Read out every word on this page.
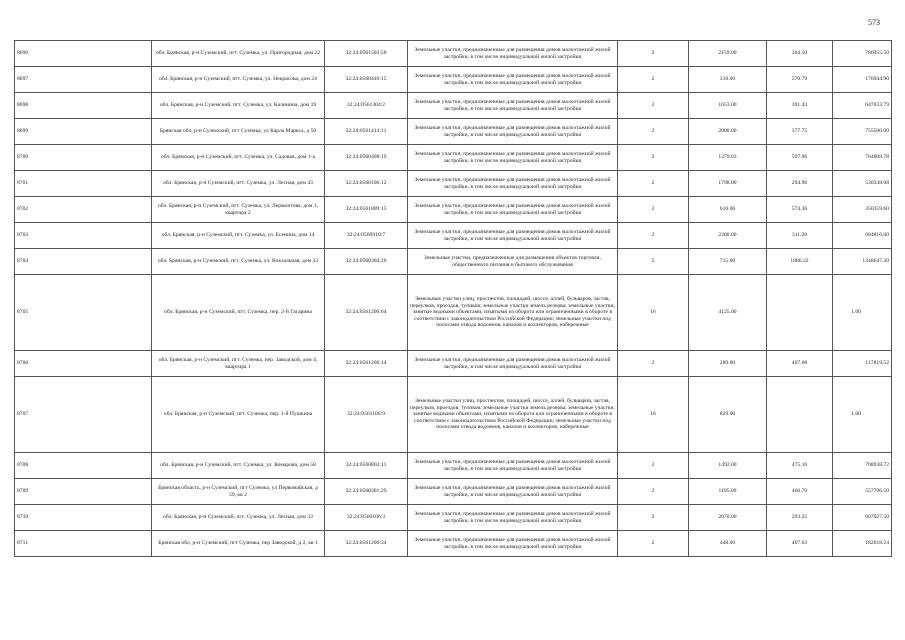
573
8696	обл. Брянская, р-н Суземский, пгт. Суземка, ул. Пригородная, дом 22	32:24:0561503:58	Земельные участки, предназначенные для размещения домов малоэтажной жилой застройки, в том числе индивидуальной жилой застройки	2	2159.00	364.50	786955.50
8697	обл. Брянская, р-н Суземский, пгт. Суземка, ул. Некрасова, дом 24	32:24:0560410:15	Земельные участки, предназначенные для размещения домов малоэтажной жилой застройки, в том числе индивидуальной жилой застройки	2	310.00	570.79	176944.90
8698	обл. Брянская, р-н Суземский, пгт. Суземка, ул. Калинина, дом 19	32:24:0561304:2	Земельные участки, предназначенные для размещения домов малоэтажной жилой застройки, в том числе индивидуальной жилой застройки	2	1653.00	391.43	647033.79
8699	Брянская обл, р-н Суземский, пгт Суземка, ул Карла Маркса, д 50	32:24:0561414:11	Земельные участки, предназначенные для размещения домов малоэтажной жилой застройки, в том числе индивидуальной жилой застройки	2	2000.00	377.75	755500.00
8700	обл. Брянская, р-н Суземский, пгт. Суземка, ул. Садовая, дом 1-а	32:24:0560408:19	Земельные участки, предназначенные для размещения домов малоэтажной жилой застройки, в том числе индивидуальной жилой застройки	2	1279.03	597.96	764808.78
8701	обл. Брянская, р-н Суземский, пгт. Суземка, ул. Лесная, дом 43	32:24:0560106:12	Земельные участки, предназначенные для размещения домов малоэтажной жилой застройки, в том числе индивидуальной жилой застройки	2	1798.00	294.96	530338.08
8702	обл. Брянская, р-н Суземский, пгт. Суземка, ул. Лермонтова, дом 1, квартира 2	32:24:0561809:15	Земельные участки, предназначенные для размещения домов малоэтажной жилой застройки, в том числе индивидуальной жилой застройки	2	610.00	574.36	350359.60
8703	обл. Брянская, р-н Суземский, пгт. Суземка, ул. Есенина, дом 14	32:24:0560910:7	Земельные участки, предназначенные для размещения домов малоэтажной жилой застройки, в том числе индивидуальной жилой застройки	2	2200.00	311.28	684816.00
8704	обл. Брянская, р-н Суземский, пгт. Суземка, ул. Вокзальная, дом 33	32:24:0560304:26	Земельные участки, предназначенные для размещения объектов торговли, общественного питания и бытового обслуживания	5	715.00	1886.22	1348647.30
8705	обл. Брянская, р-н Суземский, пгт. Суземка, пер. 2-й Гагарина	32:24:0561206:64	Земельные участки улиц, проспектов, площадей, шоссе, аллей, бульваров, застав, переулков, проездов, тупиков; земельные участки земель резерва; земельные участки, занятые водными объектами, изъятыми из оборота или ограниченными в обороте в соответствии с законодательством Российской Федерации; земельные участки под полосами отвода водоемов, каналов и коллекторов, набережные	16	4125.00		1.00
8706	обл. Брянская, р-н Суземский, пгт. Суземка, пер. Заводской, дом 4, квартира 1	32:24:0561206:14	Земельные участки, предназначенные для размещения домов малоэтажной жилой застройки, в том числе индивидуальной жилой застройки	2	289.00	407.68	117819.52
8707	обл. Брянская, р-н Суземский, пгт. Суземка, пер. 1-й Пушкина	32:24:0561108:9	Земельные участки улиц, проспектов, площадей, шоссе, аллей, бульваров, застав, переулков, проездов, тупиков; земельные участки земель резерва; земельные участки, занятые водными объектами, изъятыми из оборота или ограниченными в обороте в соответствии с законодательством Российской Федерации; земельные участки под полосами отвода водоемов, каналов и коллекторов, набережные	16	829.00		1.00
8708	обл. Брянская, р-н Суземский, пгт. Суземка, ул. Комарова, дом 58	32:24:0560802:11	Земельные участки, предназначенные для размещения домов малоэтажной жилой застройки, в том числе индивидуальной жилой застройки	2	1492.00	475.16	708938.72
8709	Брянская область, р-н Суземский, пгт Суземка, ул Первомайская, д 59, кв 2	32:24:0560301:29	Земельные участки, предназначенные для размещения домов малоэтажной жилой застройки, в том числе индивидуальной жилой застройки	2	1195.00	466.70	557706.50
8710	обл. Брянская, р-н Суземский, пгт. Суземка, ул. Лесная, дом 33	32:24:0560106:3	Земельные участки, предназначенные для размещения домов малоэтажной жилой застройки, в том числе индивидуальной жилой застройки	2	2070.00	293.25	607027.50
8711	Брянская обл, р-н Суземский, пгт Суземка, пер Заводской, д 2, кв 1	32:24:0561206:34	Земельные участки, предназначенные для размещения домов малоэтажной жилой застройки, в том числе индивидуальной жилой застройки	2	448.00	407.63	182618.24
